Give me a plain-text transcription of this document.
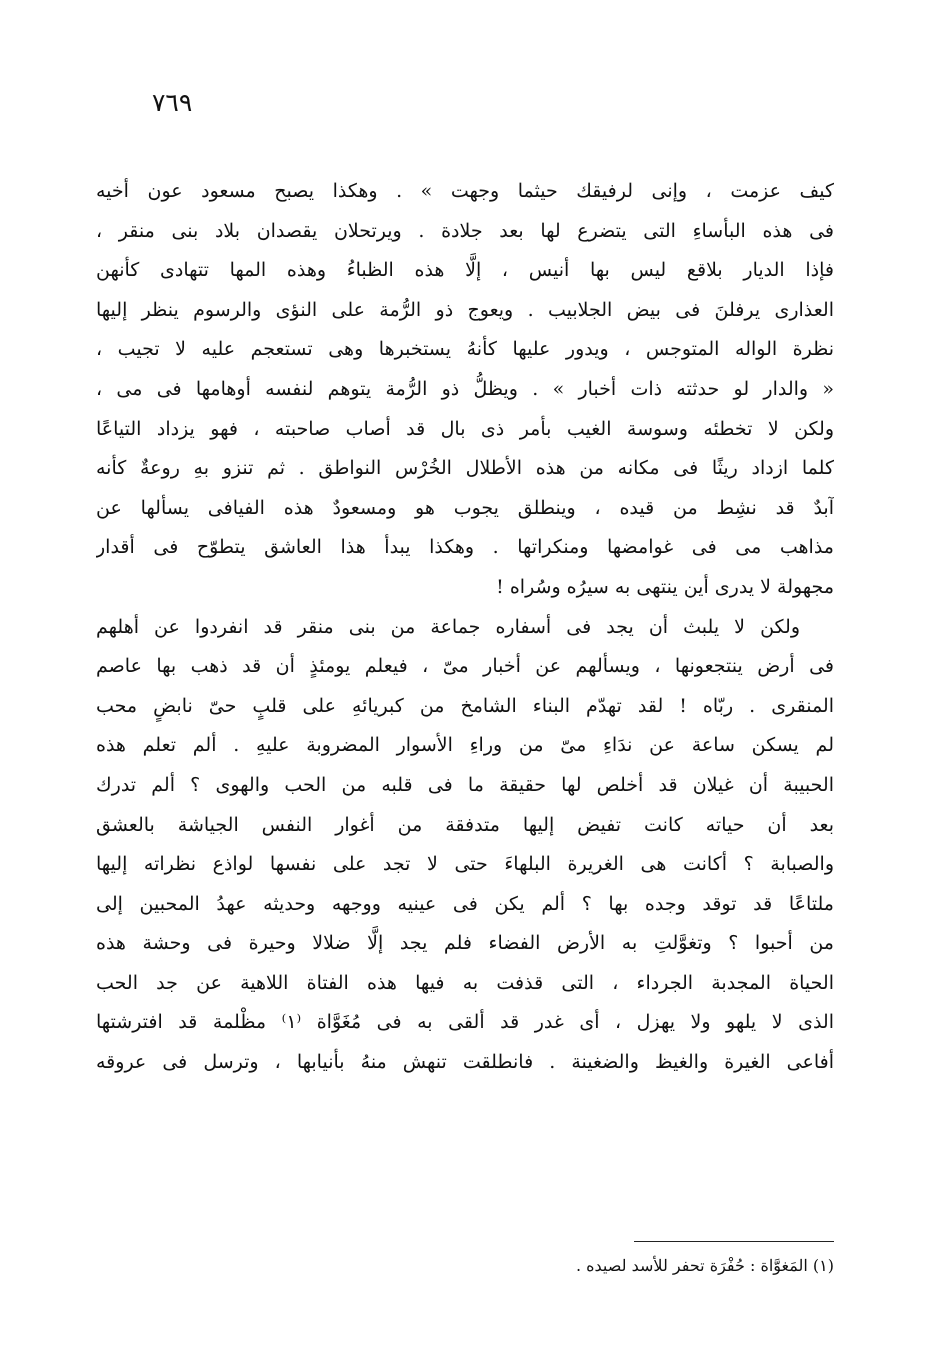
٧٦٩
كيف عزمت ، وإنى لرفيقك حيثما وجهت » . وهكذا يصبح مسعود عون أخيه
فى هذه البأساءِ التى يتضرع لها بعد جلادة . ويرتحلان يقصدان بلاد بنى منقر ،
فإذا الديار بلاقع ليس بها أنيس ، إلَّا هذه الظباءُ وهذه المها تتهادى كأنهن
العذارى يرفلنَ فى بيض الجلابيب . ويعوج ذو الرُّمة على النؤى والرسوم ينظر إليها
نظرة الواله المتوجس ، ويدور عليها كأنهُ يستخبرها وهى تستعجم عليه لا تجيب ،
« والدار لو حدثته ذات أخبار » . ويظلُّ ذو الرُّمة يتوهم لنفسه أوهامها فى مى ،
ولكن لا تخطئه وسوسة الغيب بأمر ذى بال قد أصاب صاحبته ، فهو يزداد التياعًا
كلما ازداد ريثًا فى مكانه من هذه الأطلال الخُرْس النواطق . ثم تنزو بهِ روعةٌ كأنه
آبدٌ قد نشِط من قيده ، وينطلق يجوب هو ومسعودٌ هذه الفيافى يسألها عن
مذاهب مى فى غوامضها ومنكراتها . وهكذا يبدأ هذا العاشق يتطوّح فى أقدار
مجهولة لا يدرى أين ينتهى به سيرُه وسُراه !
ولكن لا يلبث أن يجد فى أسفاره جماعة من بنى منقر قد انفردوا عن أهلهم
فى أرض ينتجعونها ، ويسألهم عن أخبار مىّ ، فيعلم يومئذٍ أن قد ذهب بها عاصم
المنقرى . ربّاه ! لقد تهدّم البناء الشامخ من كبريائهِ على قلبٍ حىّ نابضٍ محب
لم يسكن ساعة عن ندَاءِ مىّ من وراءِ الأسوار المضروبة عليهِ . ألم تعلم هذه
الحبيبة أن غيلان قد أخلص لها حقيقة ما فى قلبه من الحب والهوى ؟ ألم تدرك
بعد أن حياته كانت تفيض إليها متدفقة من أغوار النفس الجياشة بالعشق
والصبابة ؟ أكانت هى الغريرة البلهاءَ حتى لا تجد على نفسها لواذع نظراته إليها
ملتاعًا قد توقد وجده بها ؟ ألم يكن فى عينيه ووجهه وحديثه عهدُ المحبين إلى
من أحبوا ؟ وتغوَّلتِ به الأرض الفضاء فلم يجد إلَّا ضلالا وحيرة فى وحشة هذه
الحياة المجدبة الجرداء ، التى قذفت به فيها هذه الفتاة اللاهية عن جد الحب
الذى لا يلهو ولا يهزل ، أى غدر قد ألقى به فى مُغَوَّاة ⁽١⁾ مظْلمة قد افترشتها
أفاعى الغيرة والغيظ والضغينة . فانطلقت تنهش منهُ بأنيابها ، وترسل فى عروقه
(١) المَغوَّاة : حُفْرَة تحفر للأسد لصيده .
